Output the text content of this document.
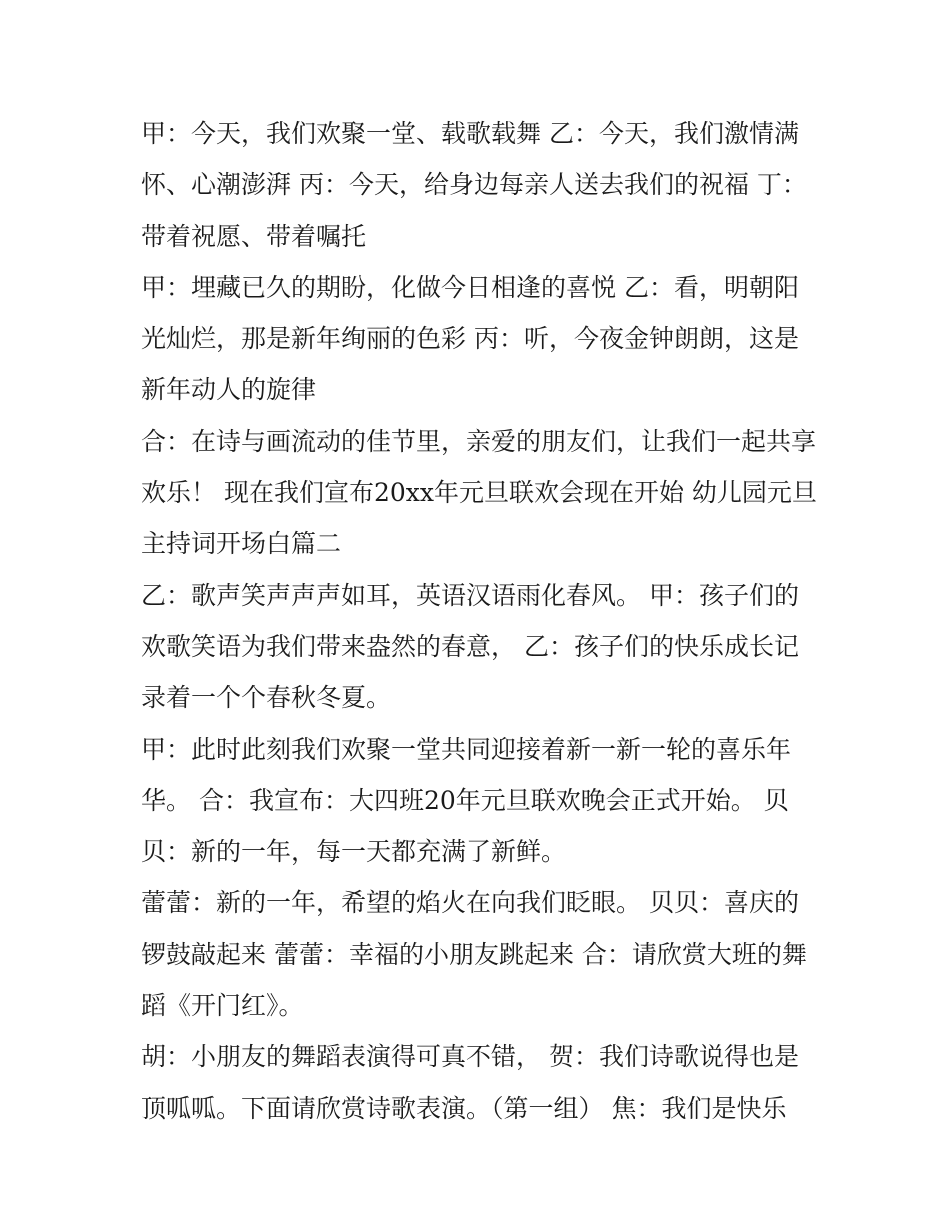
甲：今天，我们欢聚一堂、载歌载舞 乙：今天，我们激情满
怀、心潮澎湃 丙：今天，给身边每亲人送去我们的祝福 丁：
带着祝愿、带着嘱托
甲：埋藏已久的期盼，化做今日相逢的喜悦 乙：看，明朝阳
光灿烂，那是新年绚丽的色彩 丙：听，今夜金钟朗朗，这是
新年动人的旋律
合：在诗与画流动的佳节里，亲爱的朋友们，让我们一起共享
欢乐！ 现在我们宣布20xx年元旦联欢会现在开始 幼儿园元旦
主持词开场白篇二
乙：歌声笑声声声如耳，英语汉语雨化春风。 甲：孩子们的
欢歌笑语为我们带来盎然的春意， 乙：孩子们的快乐成长记
录着一个个春秋冬夏。
甲：此时此刻我们欢聚一堂共同迎接着新一新一轮的喜乐年
华。 合：我宣布：大四班20年元旦联欢晚会正式开始。 贝
贝：新的一年，每一天都充满了新鲜。
蕾蕾：新的一年，希望的焰火在向我们眨眼。 贝贝：喜庆的
锣鼓敲起来 蕾蕾：幸福的小朋友跳起来 合：请欣赏大班的舞
蹈《开门红》。
胡：小朋友的舞蹈表演得可真不错， 贺：我们诗歌说得也是
顶呱呱。下面请欣赏诗歌表演。（第一组） 焦：我们是快乐
